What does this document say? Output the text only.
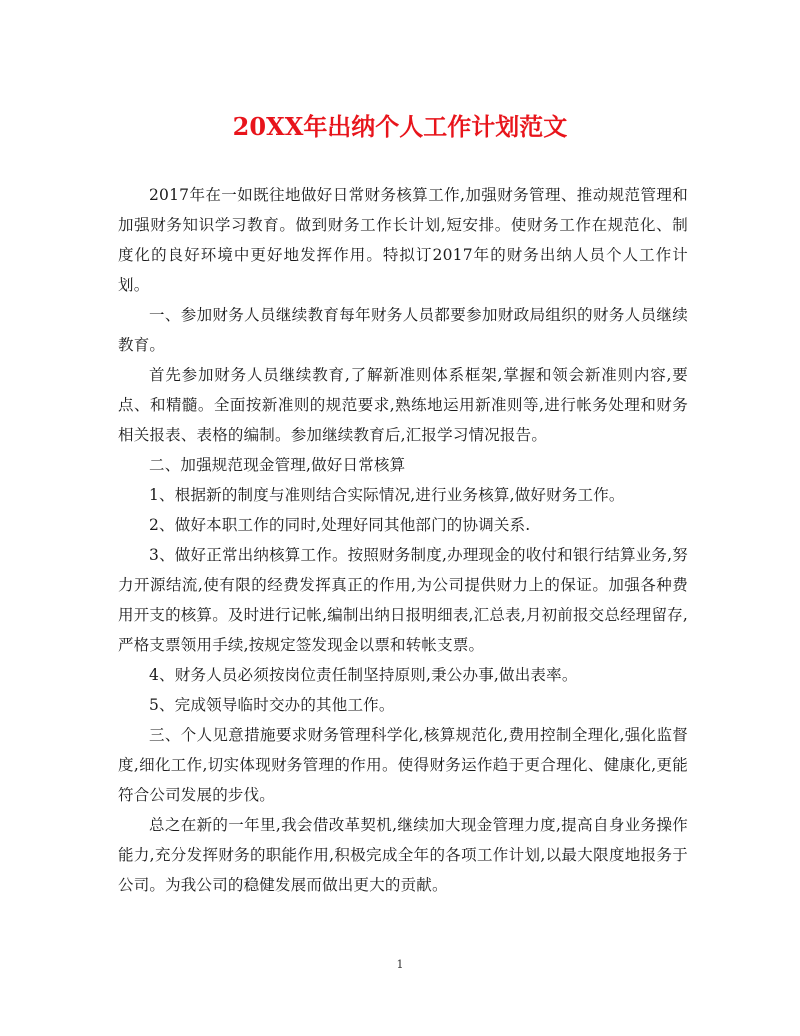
20XX年出纳个人工作计划范文

2017年在一如既往地做好日常财务核算工作,加强财务管理、推动规范管理和加强财务知识学习教育。做到财务工作长计划,短安排。使财务工作在规范化、制度化的良好环境中更好地发挥作用。特拟订2017年的财务出纳人员个人工作计划。

一、参加财务人员继续教育每年财务人员都要参加财政局组织的财务人员继续教育。

首先参加财务人员继续教育,了解新准则体系框架,掌握和领会新准则内容,要点、和精髓。全面按新准则的规范要求,熟练地运用新准则等,进行帐务处理和财务相关报表、表格的编制。参加继续教育后,汇报学习情况报告。

二、加强规范现金管理,做好日常核算

1、根据新的制度与准则结合实际情况,进行业务核算,做好财务工作。

2、做好本职工作的同时,处理好同其他部门的协调关系.

3、做好正常出纳核算工作。按照财务制度,办理现金的收付和银行结算业务,努力开源结流,使有限的经费发挥真正的作用,为公司提供财力上的保证。加强各种费用开支的核算。及时进行记帐,编制出纳日报明细表,汇总表,月初前报交总经理留存,严格支票领用手续,按规定签发现金以票和转帐支票。

4、财务人员必须按岗位责任制坚持原则,秉公办事,做出表率。

5、完成领导临时交办的其他工作。

三、个人见意措施要求财务管理科学化,核算规范化,费用控制全理化,强化监督度,细化工作,切实体现财务管理的作用。使得财务运作趋于更合理化、健康化,更能符合公司发展的步伐。

总之在新的一年里,我会借改革契机,继续加大现金管理力度,提高自身业务操作能力,充分发挥财务的职能作用,积极完成全年的各项工作计划,以最大限度地报务于公司。为我公司的稳健发展而做出更大的贡献。

1
